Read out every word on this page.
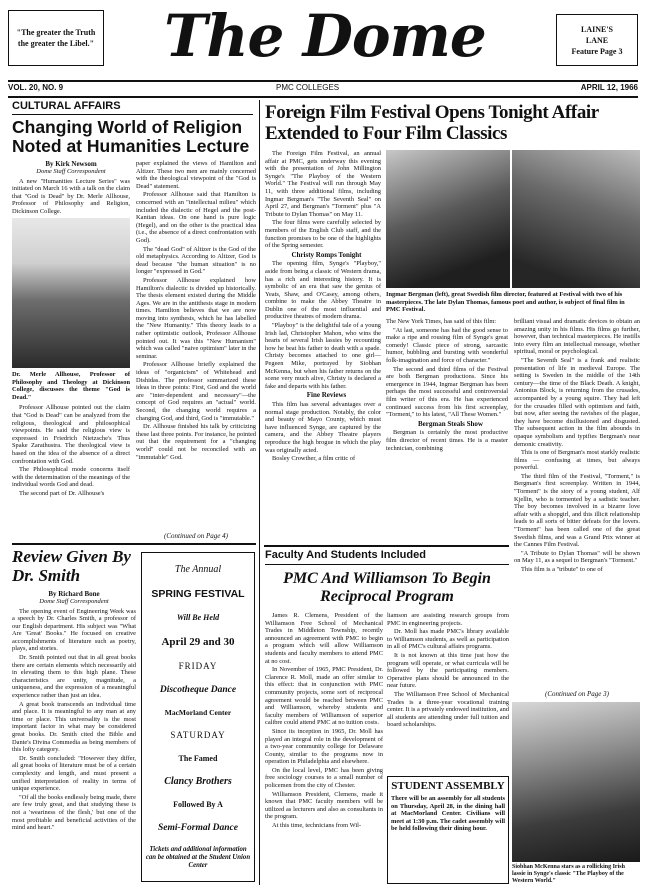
"The greater the Truth the greater the Libel."	The Dome	LAINE'S
LANE
Feature Page 3
VOL. 20, NO. 9	PMC COLLEGES	APRIL 12, 1966
CULTURAL AFFAIRS
Changing World of Religion Noted at Humanities Lecture
By Kirk Newsom
Dome Staff Correspondent

A new "Humanities Lecture Series" was initiated on March 16 with a talk on the claim that "God is Dead" by Dr. Merle Allhouse, Professor of Philosophy and Religion, Dickinson College.

Dr. Merle Allhouse, Professor of Philosophy and Theology at Dickinson College, discusses the theme "God is Dead."

Professor Allhouse pointed out the claim that "God is Dead" can be analyzed from the religious, theological and philosophical viewpoints. He said the religious view is expressed in Friedrich Nietzsche's Thus Spake Zarathustra. The theological view is based on the idea of the absence of a direct confrontation with God.

The Philosophical mode concerns itself with the determination of the meanings of the individual words God and dead.

The second part of Dr. Allhouse's

paper explained the views of Hamilton and Altizer. These two men are mainly concerned with the theological viewpoint of the "God is Dead" statement.

Professor Allhouse said that Hamilton is concerned with an "intellectual milieu" which included the dialectic of Hegel and the post-Kantian ideas. On one hand is pure logic (Hegel), and on the other is the practical idea (i.e., the absence of a direct confrontation with God).

The "dead God" of Altizer is the God of the old metaphysics. According to Altizer, God is dead because "the human situation" is no longer "expressed in God."

Professor Allhouse explained how Hamilton's dialectic is divided up historically. The thesis element existed during the Middle Ages. We are in the antithesis stage in modern times. Hamilton believes that we are now moving into synthesis, which he has labelled the "New Humanity." This theory leads to a rather optimistic outlook, Professor Allhouse pointed out. It was this "New Humanism" which was called "naive optimism" later in the seminar.

Professor Allhouse briefly explained the ideas of "organicism" of Whitehead and Dishidas. The professor summarized these ideas in three points: First, God and the world are "inter-dependent and necessary"—the concept of God requires an "actual" world. Second, the changing world requires a changing God, and third, God is "immutable."

Dr. Allhouse finished his talk by criticizing these last three points. For instance, he pointed out that the requirement for a "changing world" could not be reconciled with an "immutable" God.

(Continued on Page 4)
Foreign Film Festival Opens Tonight Affair Extended to Four Film Classics

The Foreign Film Festival, an annual affair at PMC, gets underway this evening with the presentation of John Millington Synge's "The Playboy of the Western World." The Festival will run through May 11, with three additional films, including Ingmar Bergman's "The Seventh Seal" on April 27, and Bergman's "Torment" plus "A Tribute to Dylan Thomas" on May 11.

The four films were carefully selected by members of the English Club staff, and the function promises to be one of the highlights of the Spring semester.

Christy Romps Tonight

The opening film, Synge's "Playboy," aside from being a classic of Western drama, has a rich and interesting history. It is symbolic of an era that saw the genius of Yeats, Shaw, and O'Casey, among others, combine to make the Abbey Theatre in Dublin one of the most influential and productive theatres of modern drama.

"Playboy" is the delightful tale of a young Irish lad, Christopher Mahon, who wins the hearts of several Irish lassies by recounting how he beat his father to death with a spade. Christy becomes attached to one girl—Pegeen Mike, portrayed by Siobhan McKenna, but when his father returns on the scene very much alive, Christy is declared a fake and departs with his father.

Fine Reviews

This film has several advantages over a normal stage production. Notably, the color and beauty of Mayo County, which must have influenced Synge, are captured by the camera, and the Abbey Theatre players reproduce the high brogue in which the play was originally acted.

Bosley Crowther, a film critic of

Ingmar Bergman (left), great Swedish film director, featured at Festival with two of his masterpieces. The late Dylan Thomas, famous poet and author, is subject of final film in PMC Festival.

The New York Times, has said of this film:

"At last, someone has had the good sense to make a ripe and rousing film of Synge's great comedy! Classic piece of strong, sarcastic humor, bubbling and bursting with wonderful folk-imagination and force of character."

The second and third films of the Festival are both Bergman productions. Since his emergence in 1944, Ingmar Bergman has been perhaps the most successful and controversial film writer of this era. He has experienced continued success from his first screenplay, "Torment," to his latest, "All These Women."

Bergman Steals Show

Bergman is certainly the most productive film director of recent times. He is a master technician, combining

brilliant visual and dramatic devices to obtain an amazing unity in his films. His films go further, however, than technical masterpieces. He instills into every film an intellectual message, whether spiritual, moral or psychological.

"The Seventh Seal" is a frank and realistic presentation of life in medieval Europe. The setting is Sweden in the middle of the 14th century—the time of the Black Death. A knight, Antonius Block, is returning from the crusades, accompanied by a young squire. They had left for the crusades filled with optimism and faith, but now, after seeing the ravishes of the plague, they have become disillusioned and disgusted. The subsequent action in the film abounds in opaque symbolism and typifies Bergman's near demonic creativity.

This is one of Bergman's most starkly realistic films — confusing at times, but always powerful.

The third film of the Festival, "Torment," is Bergman's first screenplay. Written in 1944, "Torment" is the story of a young student, Alf Kjellin, who is tormented by a sadistic teacher. The boy becomes involved in a bizarre love affair with a shopgirl, and this illicit relationship leads to all sorts of bitter defeats for the lovers. "Torment" has been called one of the great Swedish films, and was a Grand Prix winner at the Cannes Film Festival.

"A Tribute to Dylan Thomas" will be shown on May 11, as a sequel to Bergman's "Torment."

This film is a "tribute" to one of

(Continued on Page 3)
Siobhan McKenna stars as a rollicking Irish lassie in Synge's classic "The Playboy of the Western World."
Review Given By Dr. Smith
By Richard Bone
Dome Staff Correspondent

The opening event of Engineering Week was a speech by Dr. Charles Smith, a professor of our English department. His subject was "What Are 'Great' Books." He focused on creative accomplishments of literature such as poetry, plays, and stories.

Dr. Smith pointed out that in all great books there are certain elements which necessarily aid in elevating them to this high plane. These characteristics are unity, magnitude, a uniqueness, and the expression of a meaningful experience rather than just an idea.

A great book transcends an individual time and place. It is meaningful to any man at any time or place. This universality is the most important factor in what may be considered great books. Dr. Smith cited the Bible and Dante's Divina Commedia as being members of this lofty category.

Dr. Smith concluded: "However they differ, all great books of literature must be of a certain complexity and length, and must present a unified interpretation of reality in terms of unique experience.

"Of all the books endlessly being made, there are few truly great, and that studying these is not a 'weariness of the flesh,' but one of the most profitable and beneficial activities of the mind and heart."

The Annual
SPRING FESTIVAL
Will Be Held
April 29 and 30
FRIDAY
Discotheque Dance
MacMorland Center
SATURDAY
The Famed
Clancy Brothers
Followed By A
Semi-Formal Dance
Tickets and additional information can be obtained at the Student Union Center
Faculty And Students Included
PMC And Williamson To Begin Reciprocal Program

James R. Clemens, President of the Williamson Free School of Mechanical Trades in Middleton Township, recently announced an agreement with PMC to begin a program which will allow Williamson students and faculty members to attend PMC at no cost.

In November of 1965, PMC President, Dr. Clarence R. Moll, made an offer similar to this effect: that in conjunction with PMC community projects, some sort of reciprocal agreement would be reached between PMC and Williamson, whereby students and faculty members of Williamson of superior calibre could attend PMC at no tuition costs.

Since its inception in 1965, Dr. Moll has played an integral role in the development of a two-year community college for Delaware County, similar to the programs now in operation in Philadelphia and elsewhere.

On the local level, PMC has been giving free sociology courses to a small number of policemen from the city of Chester.

Williamson President, Clemens, made it known that PMC faculty members will be utilized as lecturers and also as consultants in the program.

At this time, technicians from Wil-

liamson are assisting research groups from PMC in engineering projects.

Dr. Moll has made PMC's library available to Williamson students, as well as participation in all of PMC's cultural affairs programs.

It is not known at this time just how the program will operate, or what curricula will be followed by the participating members. Operative plans should be announced in the near future.

The Williamson Free School of Mechanical Trades is a three-year vocational training center. It is a privately endowed institution, and all students are attending under full tuition and board scholarships.

STUDENT ASSEMBLY
There will be an assembly for all students on Thursday, April 28, in the dining hall at MacMorland Center. Civilians will meet at 1:30 p.m. The cadet assembly will be held following their dining hour.
